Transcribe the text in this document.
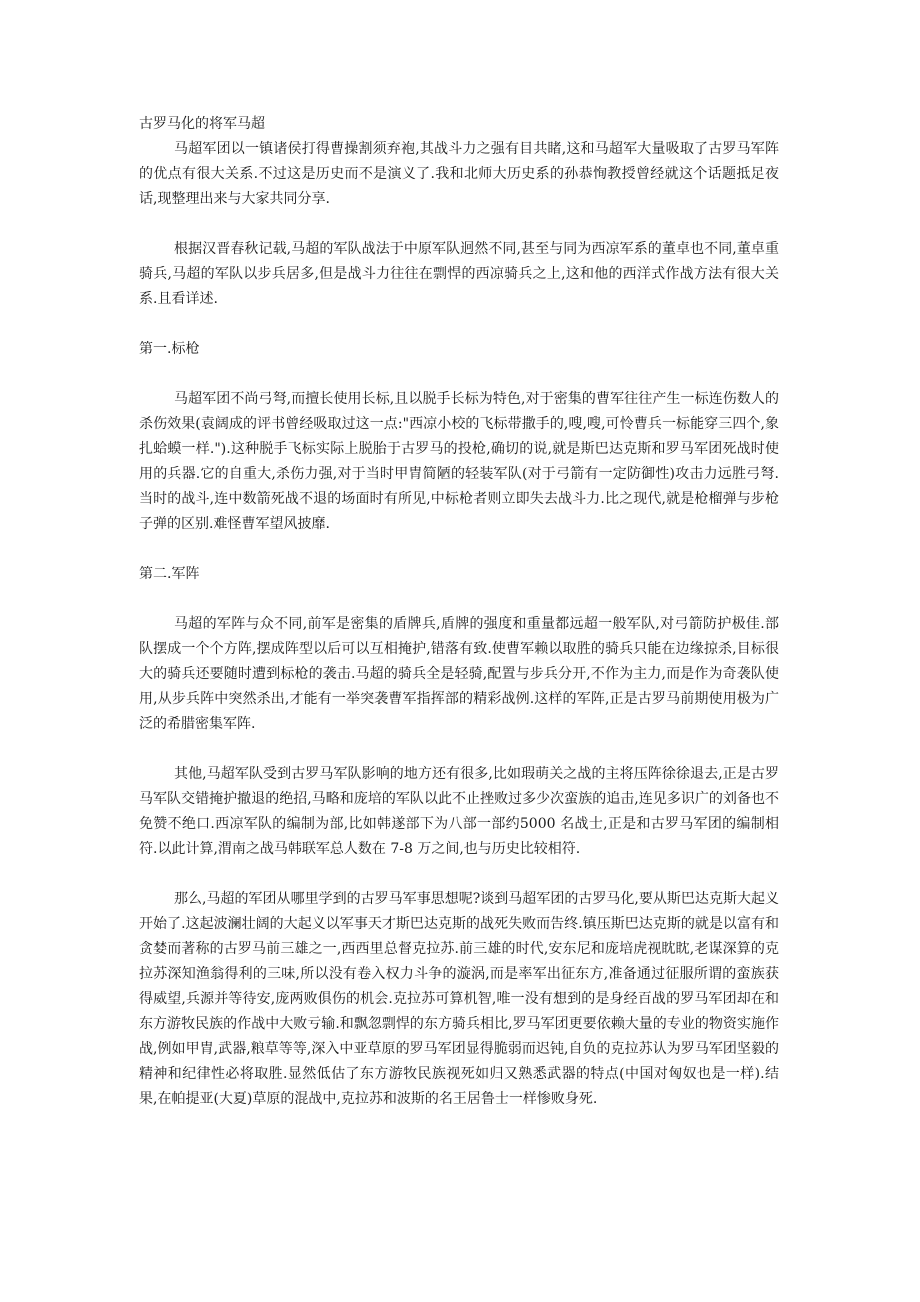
古罗马化的将军马超

马超军团以一镇诸侯打得曹操割须弃袍,其战斗力之强有目共睹,这和马超军大量吸取了古罗马军阵的优点有很大关系.不过这是历史而不是演义了.我和北师大历史系的孙恭恂教授曾经就这个话题抵足夜话,现整理出来与大家共同分享.

根据汉晋春秋记载,马超的军队战法于中原军队迥然不同,甚至与同为西凉军系的董卓也不同,董卓重骑兵,马超的军队以步兵居多,但是战斗力往往在剽悍的西凉骑兵之上,这和他的西洋式作战方法有很大关系.且看详述.

第一.标枪

马超军团不尚弓弩,而擅长使用长标,且以脱手长标为特色,对于密集的曹军往往产生一标连伤数人的杀伤效果(袁阔成的评书曾经吸取过这一点:"西凉小校的飞标带撒手的,嗖,嗖,可怜曹兵一标能穿三四个,象扎蛤蟆一样.").这种脱手飞标实际上脱胎于古罗马的投枪,确切的说,就是斯巴达克斯和罗马军团死战时使用的兵器.它的自重大,杀伤力强,对于当时甲胄简陋的轻装军队(对于弓箭有一定防御性)攻击力远胜弓弩.当时的战斗,连中数箭死战不退的场面时有所见,中标枪者则立即失去战斗力.比之现代,就是枪榴弹与步枪子弹的区别.难怪曹军望风披靡.

第二.军阵

马超的军阵与众不同,前军是密集的盾牌兵,盾牌的强度和重量都远超一般军队,对弓箭防护极佳.部队摆成一个个方阵,摆成阵型以后可以互相掩护,错落有致.使曹军赖以取胜的骑兵只能在边缘掠杀,目标很大的骑兵还要随时遭到标枪的袭击.马超的骑兵全是轻骑,配置与步兵分开,不作为主力,而是作为奇袭队使用,从步兵阵中突然杀出,才能有一举突袭曹军指挥部的精彩战例.这样的军阵,正是古罗马前期使用极为广泛的希腊密集军阵.

其他,马超军队受到古罗马军队影响的地方还有很多,比如瑕萌关之战的主将压阵徐徐退去,正是古罗马军队交错掩护撤退的绝招,马略和庞培的军队以此不止挫败过多少次蛮族的追击,连见多识广的刘备也不免赞不绝口.西凉军队的编制为部,比如韩遂部下为八部一部约5000 名战士,正是和古罗马军团的编制相符.以此计算,渭南之战马韩联军总人数在 7-8 万之间,也与历史比较相符.

那么,马超的军团从哪里学到的古罗马军事思想呢?谈到马超军团的古罗马化,要从斯巴达克斯大起义开始了.这起波澜壮阔的大起义以军事天才斯巴达克斯的战死失败而告终.镇压斯巴达克斯的就是以富有和贪婪而著称的古罗马前三雄之一,西西里总督克拉苏.前三雄的时代,安东尼和庞培虎视眈眈,老谋深算的克拉苏深知渔翁得利的三味,所以没有卷入权力斗争的漩涡,而是率军出征东方,准备通过征服所谓的蛮族获得威望,兵源并等待安,庞两败俱伤的机会.克拉苏可算机智,唯一没有想到的是身经百战的罗马军团却在和东方游牧民族的作战中大败亏输.和飘忽剽悍的东方骑兵相比,罗马军团更要依赖大量的专业的物资实施作战,例如甲胄,武器,粮草等等,深入中亚草原的罗马军团显得脆弱而迟钝,自负的克拉苏认为罗马军团坚毅的精神和纪律性必将取胜.显然低估了东方游牧民族视死如归又熟悉武器的特点(中国对匈奴也是一样).结果,在帕提亚(大夏)草原的混战中,克拉苏和波斯的名王居鲁士一样惨败身死.
